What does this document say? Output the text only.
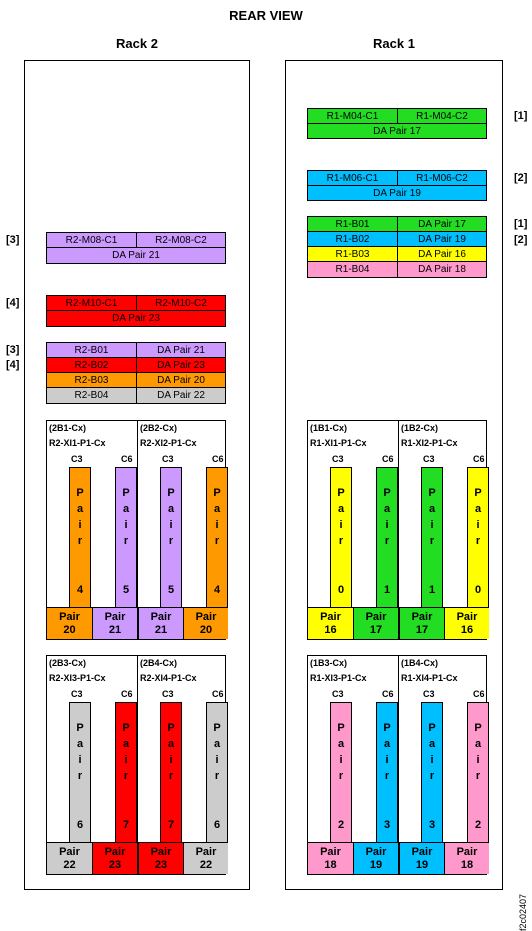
REAR VIEW
Rack 2	Rack 1
[1]
R1-M04-C1	R1-M04-C2
DA Pair 17
[2]
R1-M06-C1	R1-M06-C2
DA Pair 19
[1]
[2]
R1-B01	DA Pair 17
R1-B02	DA Pair 19
R1-B03	DA Pair 16
R1-B04	DA Pair 18
[3]	R2-M08-C1	R2-M08-C2
DA Pair 21
[4]	R2-M10-C1	R2-M10-C2
DA Pair 23
[3]
[4]
R2-B01	DA Pair 21
R2-B02	DA Pair 23
R2-B03	DA Pair 20
R2-B04	DA Pair 22
(2B1-Cx)
R2-XI1-P1-Cx
C3	C6
P
a
i
r
4
P
a
i
r
5
Pair
20
Pair
21
(2B2-Cx)
R2-XI2-P1-Cx
C3	C6
P
a
i
r
5
P
a
i
r
4
Pair
21
Pair
20
(2B3-Cx)
R2-XI3-P1-Cx
C3	C6
P
a
i
r
6
P
a
i
r
7
Pair
22
Pair
23
(2B4-Cx)
R2-XI4-P1-Cx
C3	C6
P
a
i
r
7
P
a
i
r
6
Pair
23
Pair
22
(1B1-Cx)
R1-XI1-P1-Cx
C3	C6
P
a
i
r
0
P
a
i
r
1
Pair
16
Pair
17
(1B2-Cx)
R1-XI2-P1-Cx
C3	C6
P
a
i
r
1
P
a
i
r
0
Pair
17
Pair
16
(1B3-Cx)
R1-XI3-P1-Cx
C3	C6
P
a
i
r
2
P
a
i
r
3
Pair
18
Pair
19
(1B4-Cx)
R1-XI4-P1-Cx
C3	C6
P
a
i
r
3
P
a
i
r
2
Pair
19
Pair
18
f2c02407
